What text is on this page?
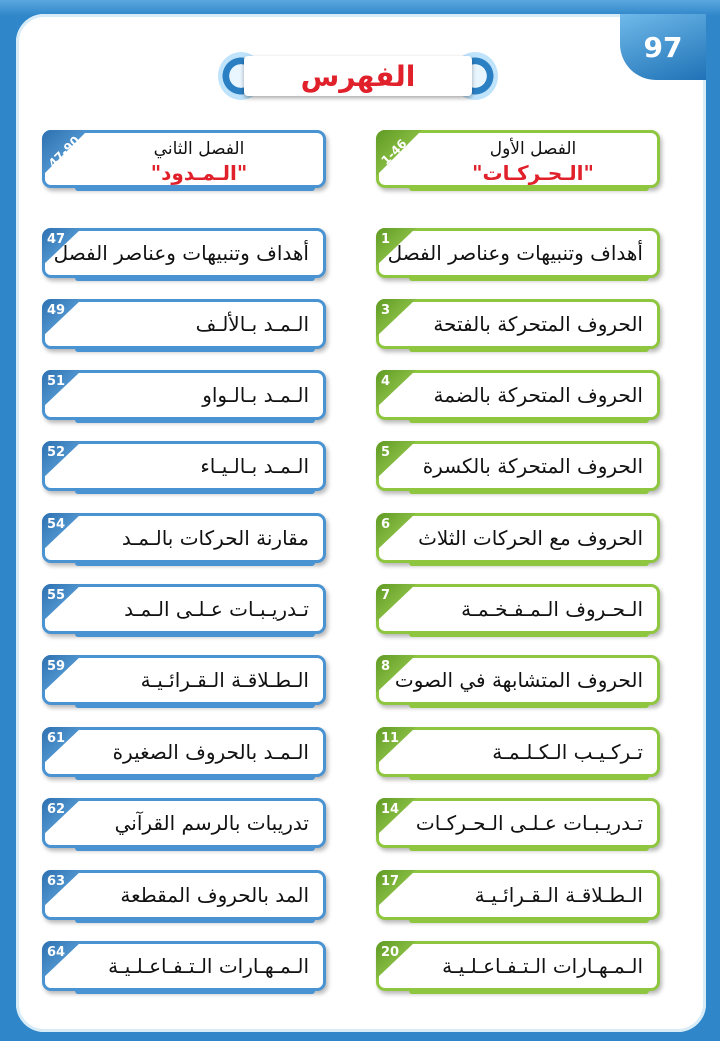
97
الفهرس
47-90	الفصل الثاني
"الـمـدود"
47
أهداف وتنبيهات وعناصر الفصل
49
الـمـد بـالألـف
51
الـمـد بـالـواو
52
الـمـد بـالـيـاء
54
مقارنة الحركات بالـمـد
55
تـدريـبـات عـلـى الـمـد
59
الـطـلاقـة الـقـرائـيـة
61
الـمـد بالحروف الصغيرة
62
تدريبات بالرسم القرآني
63
المد بالحروف المقطعة
64
الـمـهـارات الـتـفـاعـلـيـة
1-46	الفصل الأول
"الـحـركـات"
1
أهداف وتنبيهات وعناصر الفصل
3
الحروف المتحركة بالفتحة
4
الحروف المتحركة بالضمة
5
الحروف المتحركة بالكسرة
6
الحروف مع الحركات الثلاث
7
الـحـروف الـمـفـخـمـة
8
الحروف المتشابهة في الصوت
11
تـركـيـب الـكـلـمـة
14
تـدريـبـات عـلـى الـحـركـات
17
الـطـلاقـة الـقـرائـيـة
20
الـمـهـارات الـتـفـاعـلـيـة
